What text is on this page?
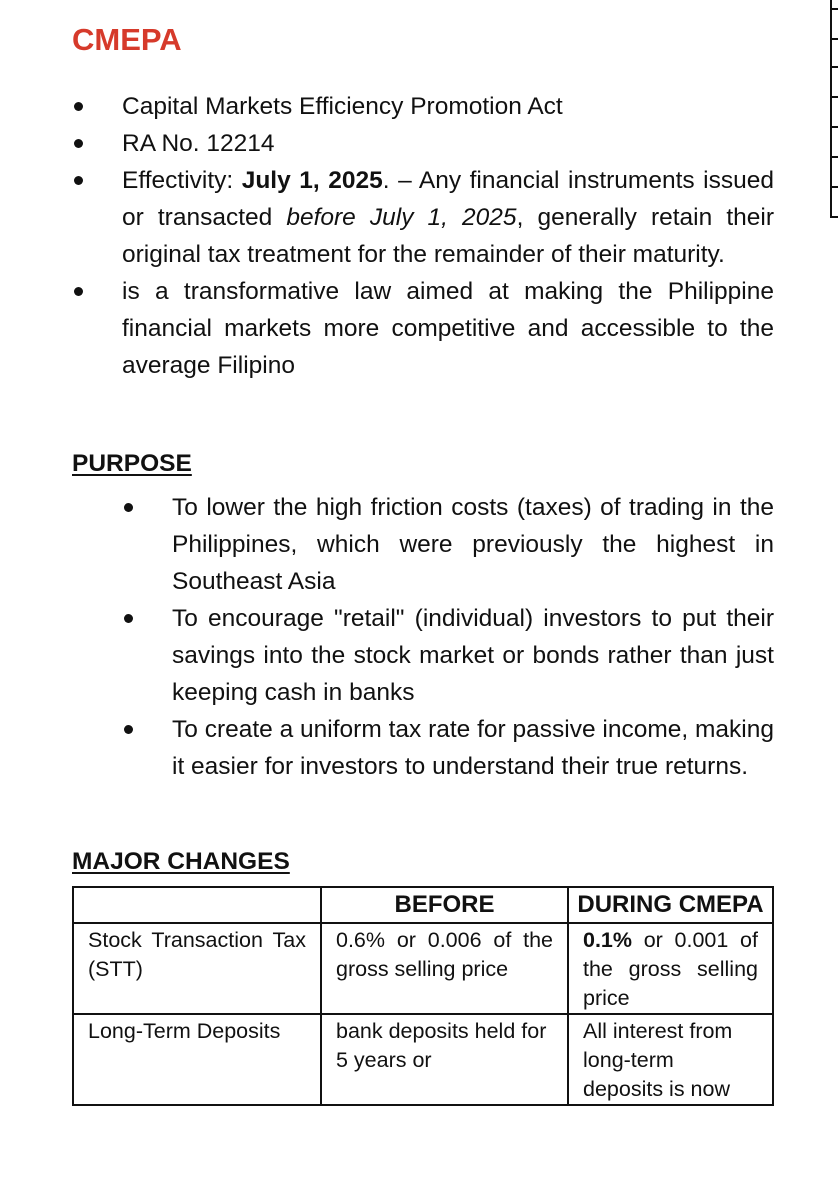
CMEPA
Capital Markets Efficiency Promotion Act
RA No. 12214
Effectivity: July 1, 2025. – Any financial instruments issued or transacted before July 1, 2025, generally retain their original tax treatment for the remainder of their maturity.
is a transformative law aimed at making the Philippine financial markets more competitive and accessible to the average Filipino
PURPOSE
To lower the high friction costs (taxes) of trading in the Philippines, which were previously the highest in Southeast Asia
To encourage "retail" (individual) investors to put their savings into the stock market or bonds rather than just keeping cash in banks
To create a uniform tax rate for passive income, making it easier for investors to understand their true returns.
MAJOR CHANGES
	BEFORE	DURING CMEPA
Stock Transaction Tax (STT)	0.6% or 0.006 of the gross selling price	0.1% or 0.001 of the gross selling price
Long-Term Deposits	bank deposits held for 5 years or	All interest from long-term deposits is now
